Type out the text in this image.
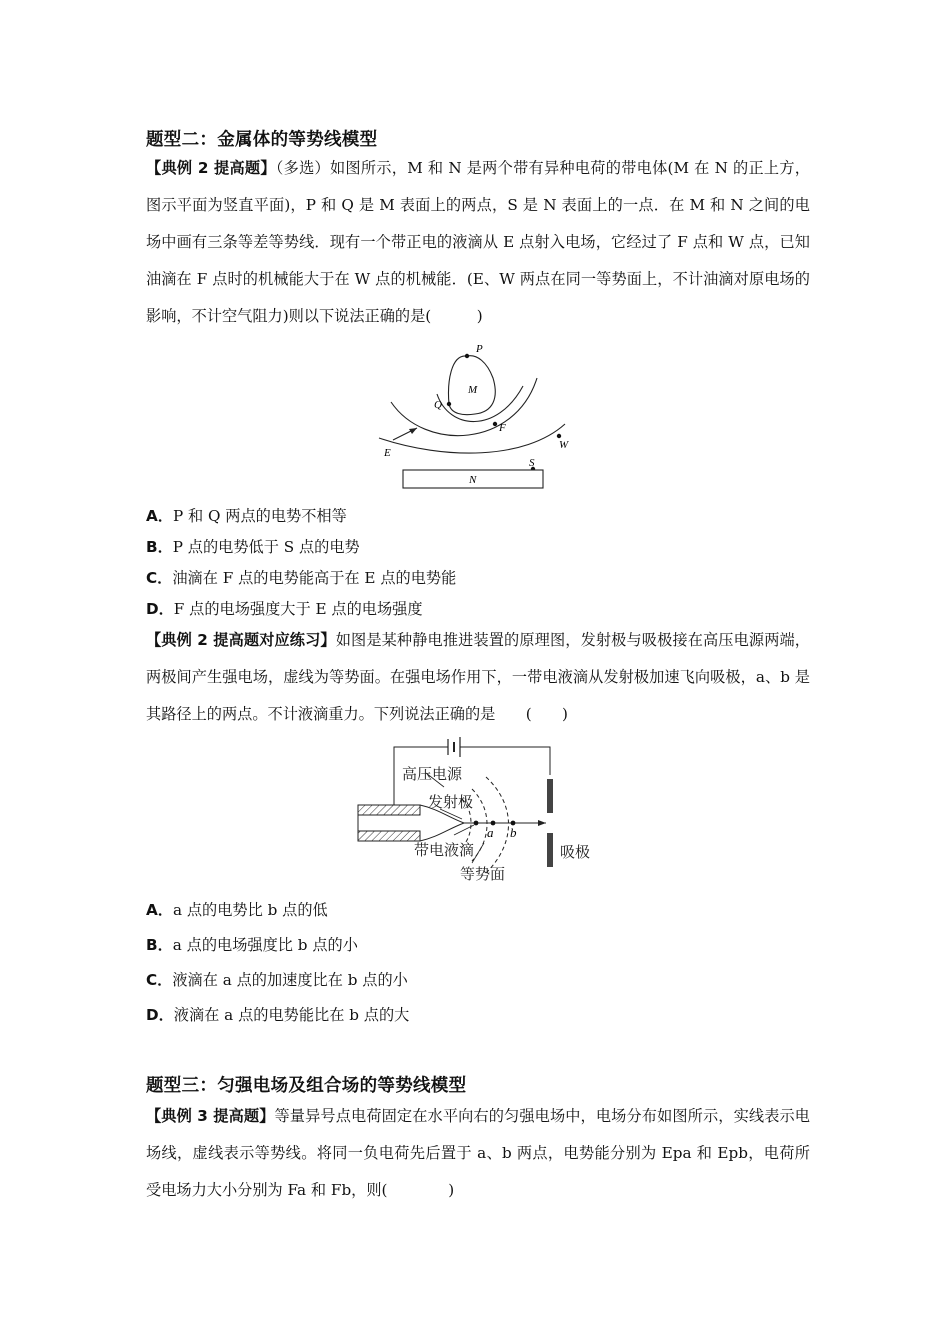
题型二：金属体的等势线模型
【典例 2 提高题】（多选）如图所示，M 和 N 是两个带有异种电荷的带电体(M 在 N 的正上方，图示平面为竖直平面)，P 和 Q 是 M 表面上的两点，S 是 N 表面上的一点．在 M 和 N 之间的电场中画有三条等差等势线．现有一个带正电的液滴从 E 点射入电场，它经过了 F 点和 W 点，已知油滴在 F 点时的机械能大于在 W 点的机械能．(E、W 两点在同一等势面上，不计油滴对原电场的影响，不计空气阻力)则以下说法正确的是(　　　)
P
M
Q
F
E
W
S
N
A．P 和 Q 两点的电势不相等
B．P 点的电势低于 S 点的电势
C．油滴在 F 点的电势能高于在 E 点的电势能
D．F 点的电场强度大于 E 点的电场强度
【典例 2 提高题对应练习】如图是某种静电推进装置的原理图，发射极与吸极接在高压电源两端，两极间产生强电场，虚线为等势面。在强电场作用下，一带电液滴从发射极加速飞向吸极，a、b 是其路径上的两点。不计液滴重力。下列说法正确的是　　(　　)
高压电源
发射极
带电液滴
等势面
吸极
a b
A．a 点的电势比 b 点的低
B．a 点的电场强度比 b 点的小
C．液滴在 a 点的加速度比在 b 点的小
D．液滴在 a 点的电势能比在 b 点的大
题型三：匀强电场及组合场的等势线模型
【典例 3 提高题】等量异号点电荷固定在水平向右的匀强电场中，电场分布如图所示，实线表示电场线，虚线表示等势线。将同一负电荷先后置于 a、b 两点，电势能分别为 Epa 和 Epb，电荷所受电场力大小分别为 Fa 和 Fb，则(　　　　)
